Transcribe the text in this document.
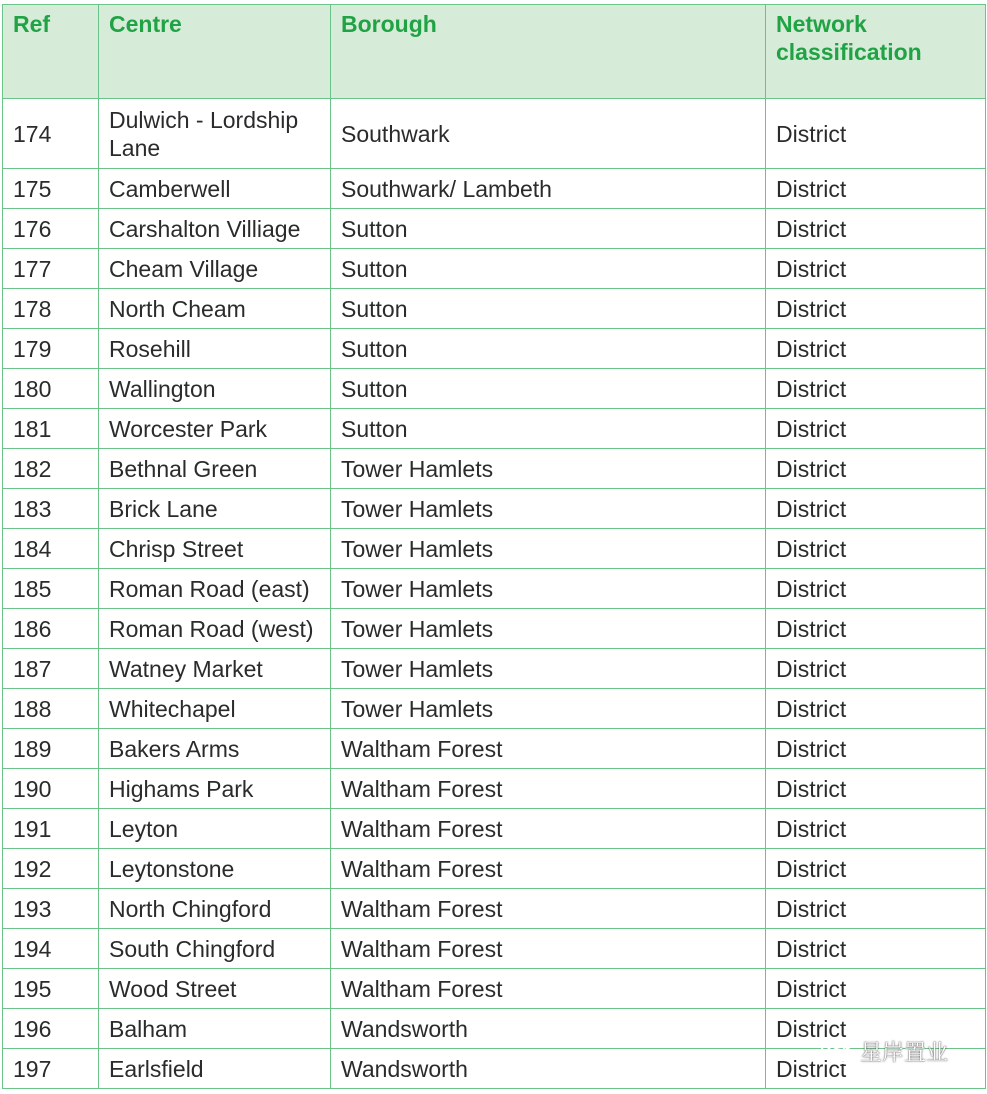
Ref	Centre	Borough	Network classification
174	Dulwich - Lordship Lane	Southwark	District
175	Camberwell	Southwark/ Lambeth	District
176	Carshalton Villiage	Sutton	District
177	Cheam Village	Sutton	District
178	North Cheam	Sutton	District
179	Rosehill	Sutton	District
180	Wallington	Sutton	District
181	Worcester Park	Sutton	District
182	Bethnal Green	Tower Hamlets	District
183	Brick Lane	Tower Hamlets	District
184	Chrisp Street	Tower Hamlets	District
185	Roman Road (east)	Tower Hamlets	District
186	Roman Road (west)	Tower Hamlets	District
187	Watney Market	Tower Hamlets	District
188	Whitechapel	Tower Hamlets	District
189	Bakers Arms	Waltham Forest	District
190	Highams Park	Waltham Forest	District
191	Leyton	Waltham Forest	District
192	Leytonstone	Waltham Forest	District
193	North Chingford	Waltham Forest	District
194	South Chingford	Waltham Forest	District
195	Wood Street	Waltham Forest	District
196	Balham	Wandsworth	District
197	Earlsfield	Wandsworth	District
星岸置业
